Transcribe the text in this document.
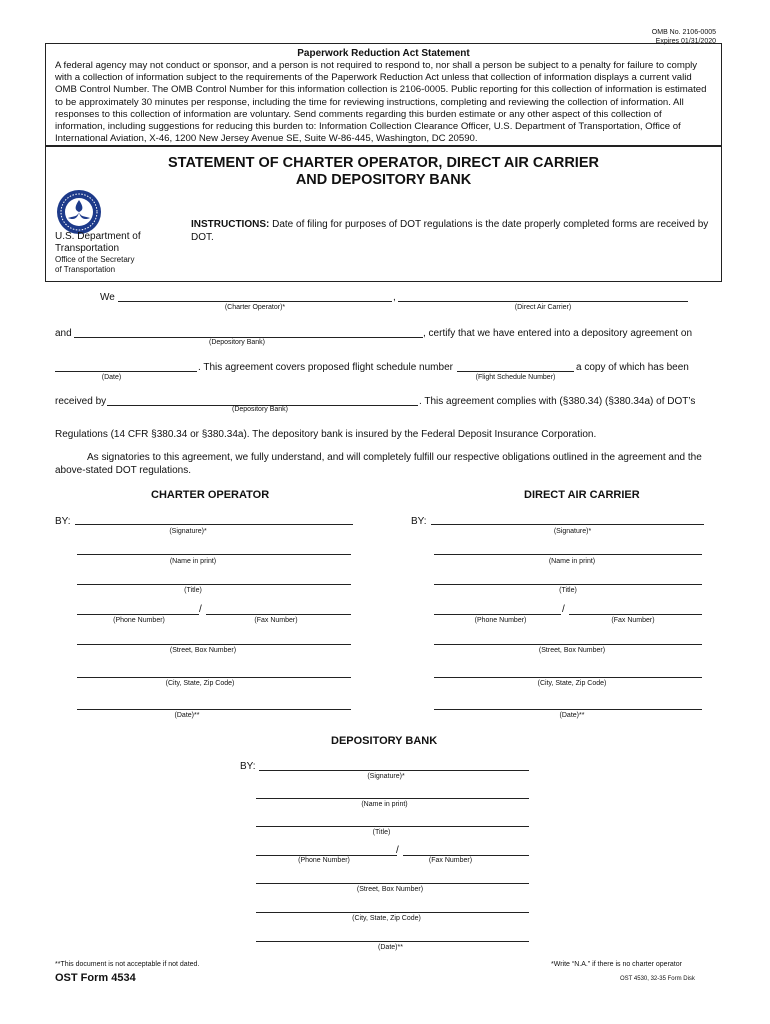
OMB No. 2106-0005
Expires 01/31/2020
Paperwork Reduction Act Statement
A federal agency may not conduct or sponsor, and a person is not required to respond to, nor shall a person be subject to a penalty for failure to comply with a collection of information subject to the requirements of the Paperwork Reduction Act unless that collection of information displays a current valid OMB Control Number. The OMB Control Number for this information collection is 2106-0005. Public reporting for this collection of information is estimated to be approximately 30 minutes per response, including the time for reviewing instructions, completing and reviewing the collection of information. All responses to this collection of information are voluntary. Send comments regarding this burden estimate or any other aspect of this collection of information, including suggestions for reducing this burden to: Information Collection Clearance Officer, U.S. Department of Transportation, Office of International Aviation, X-46, 1200 New Jersey Avenue SE, Suite W-86-445, Washington, DC 20590.
STATEMENT OF CHARTER OPERATOR, DIRECT AIR CARRIER
AND DEPOSITORY BANK
U.S. Department of
Transportation
Office of the Secretary
of Transportation
INSTRUCTIONS: Date of filing for purposes of DOT regulations is the date properly completed forms are received by DOT.
We	,
(Charter Operator)*	(Direct Air Carrier)
and	, certify that we have entered into a depository agreement on
(Depository Bank)
. This agreement covers proposed flight schedule number	a copy of which has been
(Date)	(Flight Schedule Number)
received by	. This agreement complies with (§380.34) (§380.34a) of DOT’s
(Depository Bank)
Regulations (14 CFR §380.34 or §380.34a). The depository bank is insured by the Federal Deposit Insurance Corporation.
As signatories to this agreement, we fully understand, and will completely fulfill our respective obligations outlined in the agreement and the above-stated DOT regulations.
CHARTER OPERATOR
BY:
(Signature)*
(Name in print)
(Title)
/
(Phone Number)	(Fax Number)
(Street, Box Number)
(City, State, Zip Code)
(Date)**
DIRECT AIR CARRIER
BY:
(Signature)*
(Name in print)
(Title)
/
(Phone Number)	(Fax Number)
(Street, Box Number)
(City, State, Zip Code)
(Date)**
DEPOSITORY BANK
BY:
(Signature)*
(Name in print)
(Title)
/
(Phone Number)	(Fax Number)
(Street, Box Number)
(City, State, Zip Code)
(Date)**
**This document is not acceptable if not dated.	*Write “N.A.” if there is no charter operator
OST Form 4534	OST 4530, 32-35 Form Disk
